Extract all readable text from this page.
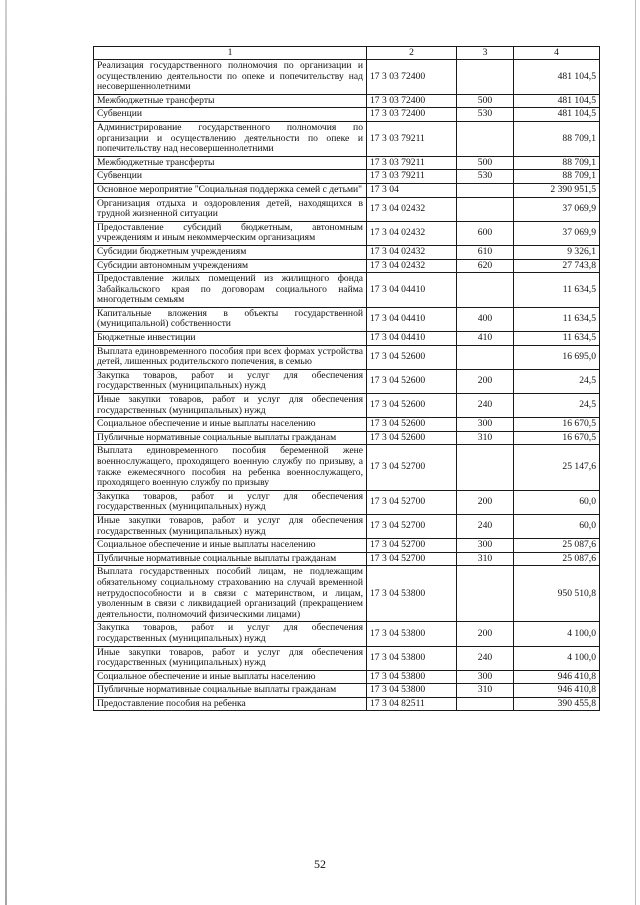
1	2	3	4
Реализация государственного полномочия по организации и осуществлению деятельности по опеке и попечительству над несовершеннолетними	17 3 03 72400		481 104,5
Межбюджетные трансферты	17 3 03 72400	500	481 104,5
Субвенции	17 3 03 72400	530	481 104,5
Администрирование государственного полномочия по организации и осуществлению деятельности по опеке и попечительству над несовершеннолетними	17 3 03 79211		88 709,1
Межбюджетные трансферты	17 3 03 79211	500	88 709,1
Субвенции	17 3 03 79211	530	88 709,1
Основное мероприятие "Социальная поддержка семей с детьми"	17 3 04		2 390 951,5
Организация отдыха и оздоровления детей, находящихся в трудной жизненной ситуации	17 3 04 02432		37 069,9
Предоставление субсидий бюджетным, автономным учреждениям и иным некоммерческим организациям	17 3 04 02432	600	37 069,9
Субсидии бюджетным учреждениям	17 3 04 02432	610	9 326,1
Субсидии автономным учреждениям	17 3 04 02432	620	27 743,8
Предоставление жилых помещений из жилищного фонда Забайкальского края по договорам социального найма многодетным семьям	17 3 04 04410		11 634,5
Капитальные вложения в объекты государственной (муниципальной) собственности	17 3 04 04410	400	11 634,5
Бюджетные инвестиции	17 3 04 04410	410	11 634,5
Выплата единовременного пособия при всех формах устройства детей, лишенных родительского попечения, в семью	17 3 04 52600		16 695,0
Закупка товаров, работ и услуг для обеспечения государственных (муниципальных) нужд	17 3 04 52600	200	24,5
Иные закупки товаров, работ и услуг для обеспечения государственных (муниципальных) нужд	17 3 04 52600	240	24,5
Социальное обеспечение и иные выплаты населению	17 3 04 52600	300	16 670,5
Публичные нормативные социальные выплаты гражданам	17 3 04 52600	310	16 670,5
Выплата единовременного пособия беременной жене военнослужащего, проходящего военную службу по призыву, а также ежемесячного пособия на ребенка военнослужащего, проходящего военную службу по призыву	17 3 04 52700		25 147,6
Закупка товаров, работ и услуг для обеспечения государственных (муниципальных) нужд	17 3 04 52700	200	60,0
Иные закупки товаров, работ и услуг для обеспечения государственных (муниципальных) нужд	17 3 04 52700	240	60,0
Социальное обеспечение и иные выплаты населению	17 3 04 52700	300	25 087,6
Публичные нормативные социальные выплаты гражданам	17 3 04 52700	310	25 087,6
Выплата государственных пособий лицам, не подлежащим обязательному социальному страхованию на случай временной нетрудоспособности и в связи с материнством, и лицам, уволенным в связи с ликвидацией организаций (прекращением деятельности, полномочий физическими лицами)	17 3 04 53800		950 510,8
Закупка товаров, работ и услуг для обеспечения государственных (муниципальных) нужд	17 3 04 53800	200	4 100,0
Иные закупки товаров, работ и услуг для обеспечения государственных (муниципальных) нужд	17 3 04 53800	240	4 100,0
Социальное обеспечение и иные выплаты населению	17 3 04 53800	300	946 410,8
Публичные нормативные социальные выплаты гражданам	17 3 04 53800	310	946 410,8
Предоставление пособия на ребенка	17 3 04 82511		390 455,8
52
